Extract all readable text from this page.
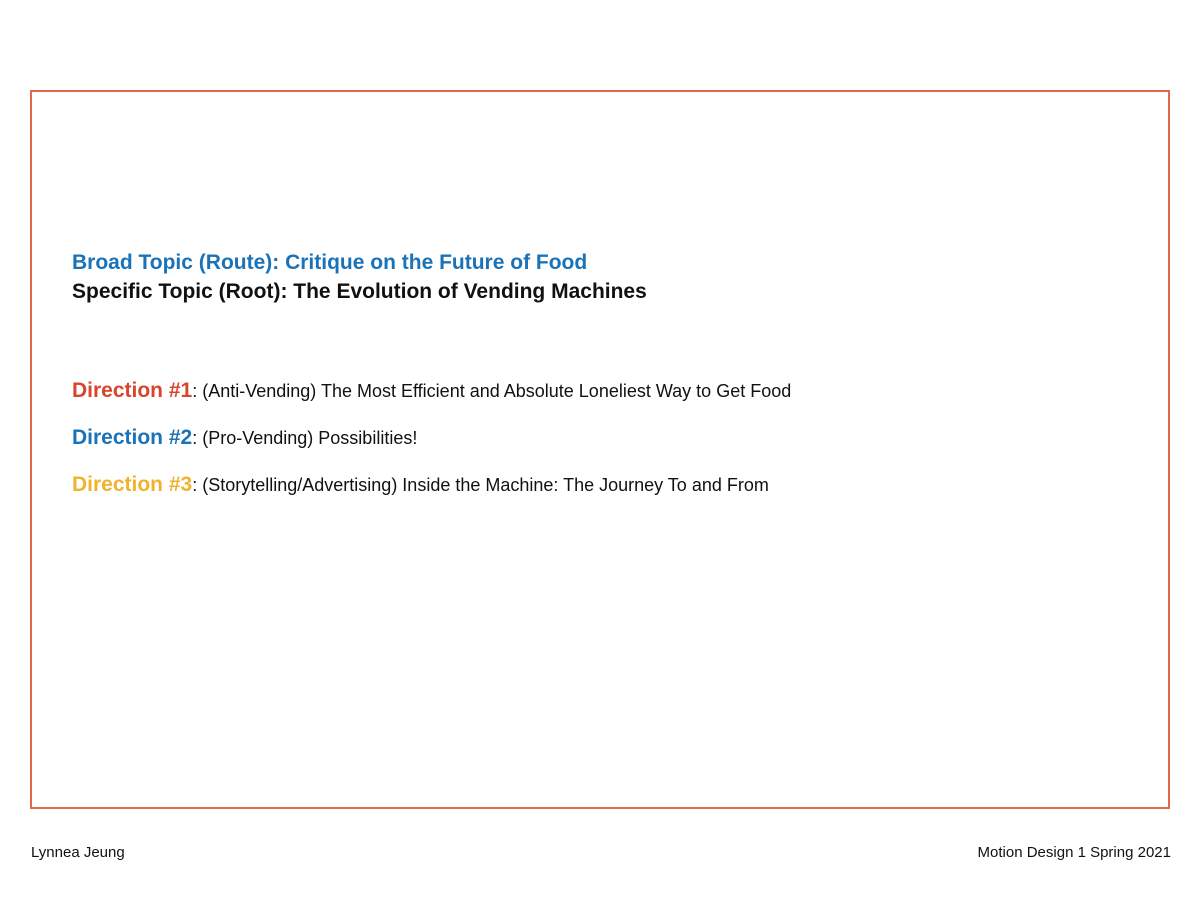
Broad Topic (Route): Critique on the Future of Food
Specific Topic (Root): The Evolution of Vending Machines
Direction #1: (Anti-Vending) The Most Efficient and Absolute Loneliest Way to Get Food
Direction #2: (Pro-Vending) Possibilities!
Direction #3: (Storytelling/Advertising) Inside the Machine: The Journey To and From
Lynnea Jeung	Motion Design 1 Spring 2021
